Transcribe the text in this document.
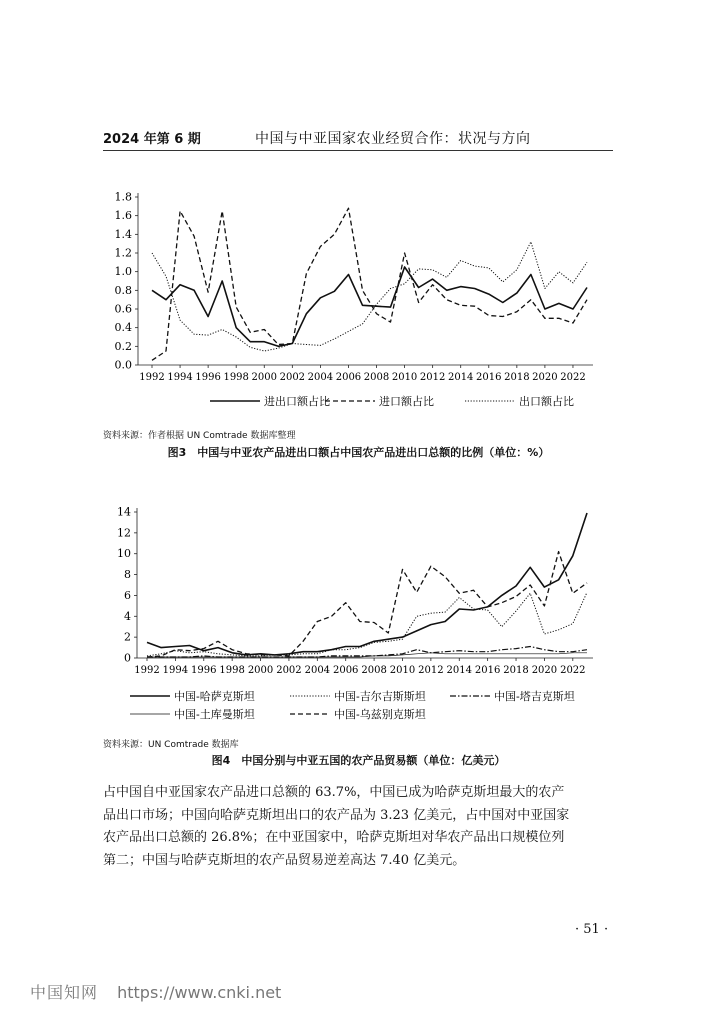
2024 年第 6 期	中国与中亚国家农业经贸合作：状况与方向
0.0
0.2
0.4
0.6
0.8
1.0
1.2
1.4
1.6
1.8
1992 1994 1996 1998 2000 2002 2004 2006 2008 2010 2012 2014 2016 2018 2020 2022
进出口额占比	进口额占比	出口额占比
资料来源：作者根据 UN Comtrade 数据库整理
图3　中国与中亚农产品进出口额占中国农产品进出口总额的比例（单位：%）
0
2
4
6
8
10
12
14
1992 1994 1996 1998 2000 2002 2004 2006 2008 2010 2012 2014 2016 2018 2020 2022
中国-哈萨克斯坦	中国-吉尔吉斯斯坦	中国-塔吉克斯坦
中国-土库曼斯坦	中国-乌兹别克斯坦
资料来源：UN Comtrade 数据库
图4　中国分别与中亚五国的农产品贸易额（单位：亿美元）
占中国自中亚国家农产品进口总额的 63.7%，中国已成为哈萨克斯坦最大的农产
品出口市场；中国向哈萨克斯坦出口的农产品为 3.23 亿美元，占中国对中亚国家
农产品出口总额的 26.8%；在中亚国家中，哈萨克斯坦对华农产品出口规模位列
第二；中国与哈萨克斯坦的农产品贸易逆差高达 7.40 亿美元。
· 51 ·
中国知网 https://www.cnki.net
